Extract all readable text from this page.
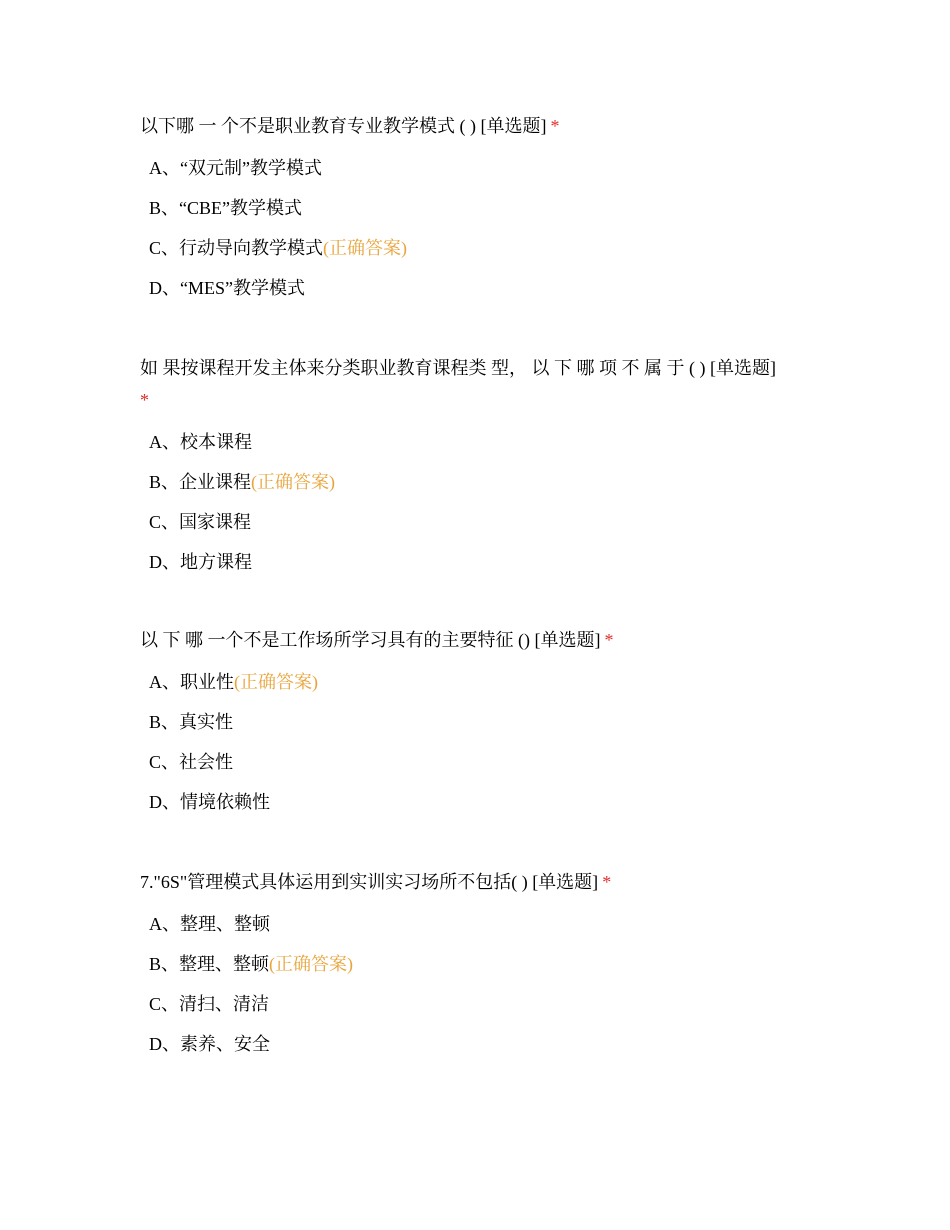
以下哪 一 个不是职业教育专业教学模式 ( ) [单选题] *

A、“双元制”教学模式
B、“CBE”教学模式
C、行动导向教学模式(正确答案)
D、“MES”教学模式

如 果按课程开发主体来分类职业教育课程类 型， 以 下 哪 项 不 属 于 ( ) [单选题]
*

A、校本课程
B、企业课程(正确答案)
C、国家课程
D、地方课程

以 下 哪 一个不是工作场所学习具有的主要特征 () [单选题] *

A、职业性(正确答案)
B、真实性
C、社会性
D、情境依赖性

7."6S"管理模式具体运用到实训实习场所不包括( ) [单选题] *

A、整理、整顿
B、整理、整顿(正确答案)
C、清扫、清洁
D、素养、安全
